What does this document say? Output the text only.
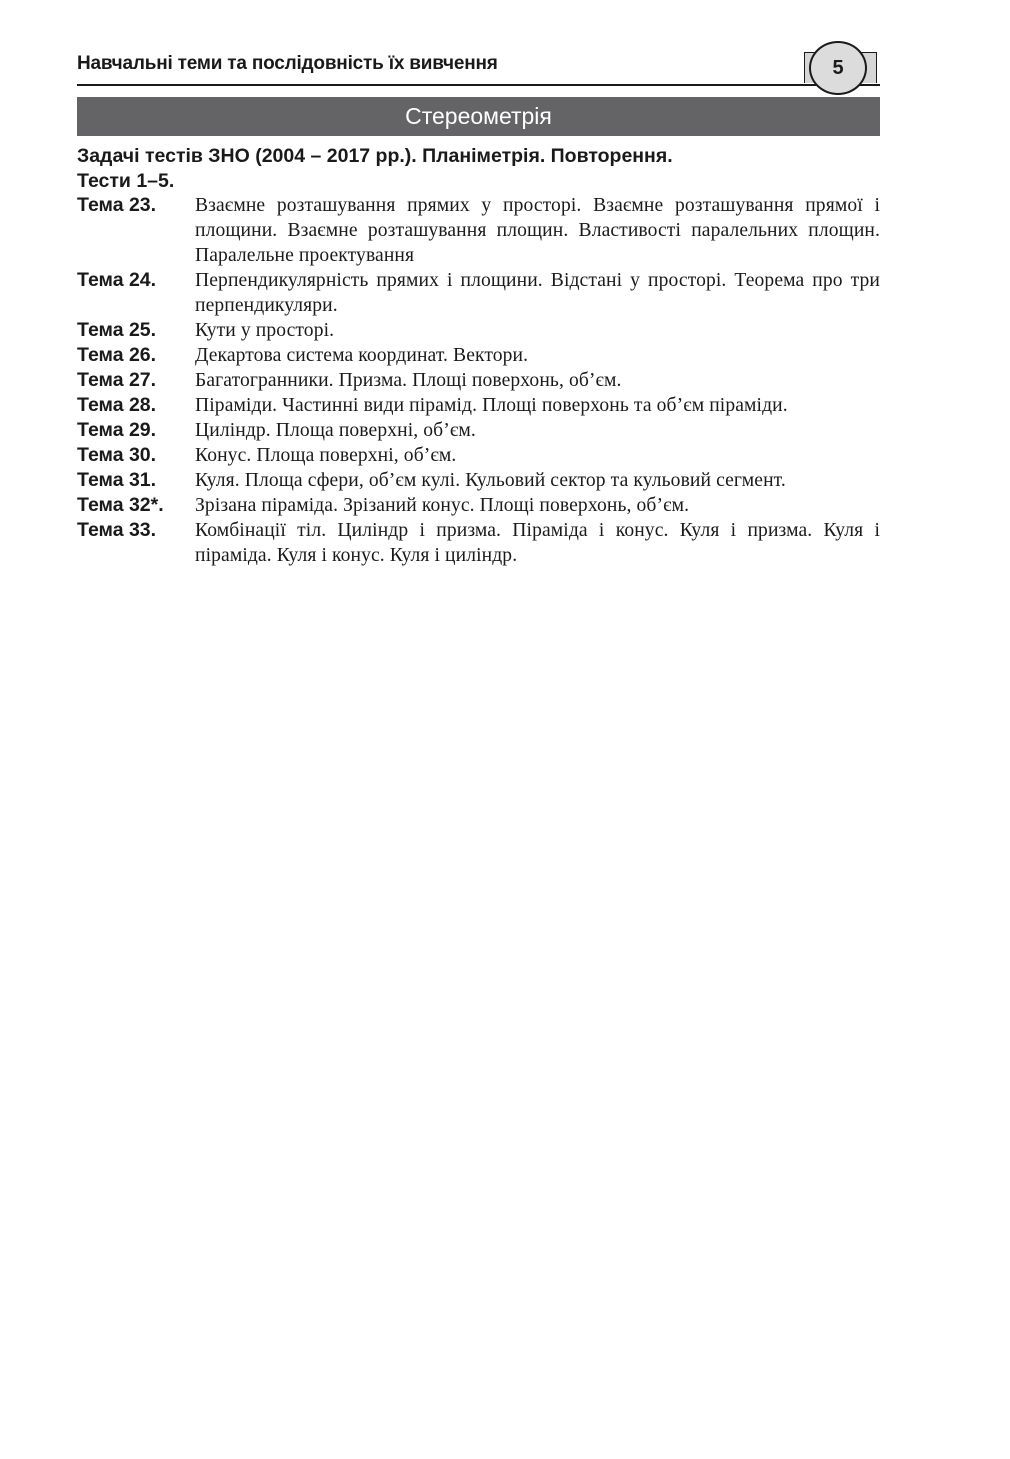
Навчальні теми та послідовність їх вивчення	5
Стереометрія
Задачі тестів ЗНО (2004 – 2017 рр.). Планіметрія. Повторення.
Тести 1–5.
Тема 23.	Взаємне розташування прямих у просторі. Взаємне розташування прямої і площини. Взаємне розташування площин. Властивості паралельних площин. Паралельне проектування
Тема 24.	Перпендикулярність прямих і площини. Відстані у просторі. Теорема про три перпендикуляри.
Тема 25.	Кути у просторі.
Тема 26.	Декартова система координат. Вектори.
Тема 27.	Багатогранники. Призма. Площі поверхонь, об’єм.
Тема 28.	Піраміди. Частинні види пірамід. Площі поверхонь та об’єм піраміди.
Тема 29.	Циліндр. Площа поверхні, об’єм.
Тема 30.	Конус. Площа поверхні, об’єм.
Тема 31.	Куля. Площа сфери, об’єм кулі. Кульовий сектор та кульовий сегмент.
Тема 32*.	Зрізана піраміда. Зрізаний конус. Площі поверхонь, об’єм.
Тема 33.	Комбінації тіл. Циліндр і призма. Піраміда і конус. Куля і призма. Куля і піраміда. Куля і конус. Куля і циліндр.
